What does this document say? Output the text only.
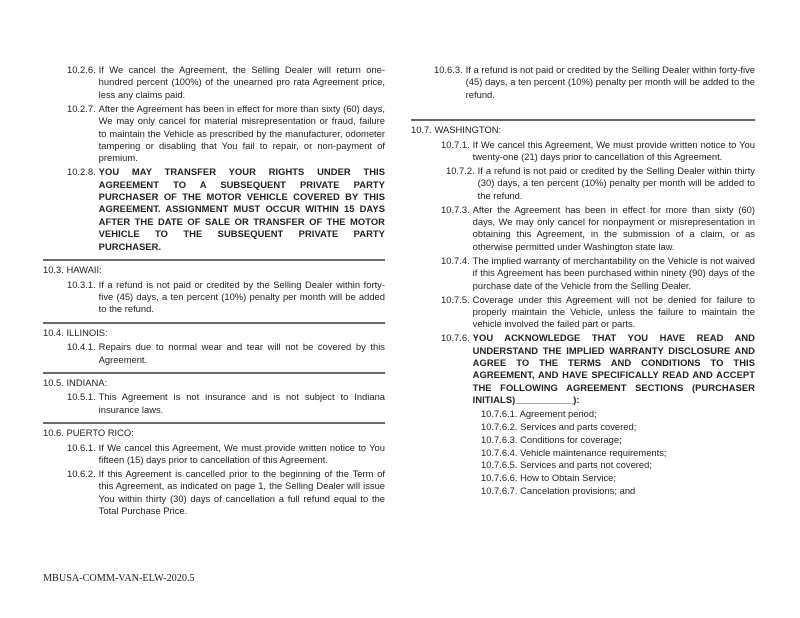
10.2.6. If We cancel the Agreement, the Selling Dealer will return one-hundred percent (100%) of the unearned pro rata Agreement price, less any claims paid.
10.2.7. After the Agreement has been in effect for more than sixty (60) days, We may only cancel for material misrepresentation or fraud, failure to maintain the Vehicle as prescribed by the manufacturer, odometer tampering or disabling that You fail to repair, or non-payment of premium.
10.2.8. YOU MAY TRANSFER YOUR RIGHTS UNDER THIS AGREEMENT TO A SUBSEQUENT PRIVATE PARTY PURCHASER OF THE MOTOR VEHICLE COVERED BY THIS AGREEMENT. ASSIGNMENT MUST OCCUR WITHIN 15 DAYS AFTER THE DATE OF SALE OR TRANSFER OF THE MOTOR VEHICLE TO THE SUBSEQUENT PRIVATE PARTY PURCHASER.
10.3. HAWAII:
10.3.1. If a refund is not paid or credited by the Selling Dealer within forty-five (45) days, a ten percent (10%) penalty per month will be added to the refund.
10.4. ILLINOIS:
10.4.1. Repairs due to normal wear and tear will not be covered by this Agreement.
10.5. INDIANA:
10.5.1. This Agreement is not insurance and is not subject to Indiana insurance laws.
10.6. PUERTO RICO:
10.6.1. If We cancel this Agreement, We must provide written notice to You fifteen (15) days prior to cancellation of this Agreement.
10.6.2. If this Agreement is cancelled prior to the beginning of the Term of this Agreement, as indicated on page 1, the Selling Dealer will issue You within thirty (30) days of cancellation a full refund equal to the Total Purchase Price.
10.6.3. If a refund is not paid or credited by the Selling Dealer within forty-five (45) days, a ten percent (10%) penalty per month will be added to the refund.
10.7. WASHINGTON:
10.7.1. If We cancel this Agreement, We must provide written notice to You twenty-one (21) days prior to cancellation of this Agreement.
10.7.2. If a refund is not paid or credited by the Selling Dealer within thirty (30) days, a ten percent (10%) penalty per month will be added to the refund.
10.7.3. After the Agreement has been in effect for more than sixty (60) days, We may only cancel for nonpayment or misrepresentation in obtaining this Agreement, in the submission of a claim, or as otherwise permitted under Washington state law.
10.7.4. The implied warranty of merchantability on the Vehicle is not waived if this Agreement has been purchased within ninety (90) days of the purchase date of the Vehicle from the Selling Dealer.
10.7.5. Coverage under this Agreement will not be denied for failure to properly maintain the Vehicle, unless the failure to maintain the vehicle involved the failed part or parts.
10.7.6. YOU ACKNOWLEDGE THAT YOU HAVE READ AND UNDERSTAND THE IMPLIED WARRANTY DISCLOSURE AND AGREE TO THE TERMS AND CONDITIONS TO THIS AGREEMENT, AND HAVE SPECIFICALLY READ AND ACCEPT THE FOLLOWING AGREEMENT SECTIONS (PURCHASER INITIALS)___________):
10.7.6.1. Agreement period;
10.7.6.2. Services and parts covered;
10.7.6.3. Conditions for coverage;
10.7.6.4. Vehicle maintenance requirements;
10.7.6.5. Services and parts not covered;
10.7.6.6. How to Obtain Service;
10.7.6.7. Cancelation provisions; and
MBUSA-COMM-VAN-ELW-2020.5
